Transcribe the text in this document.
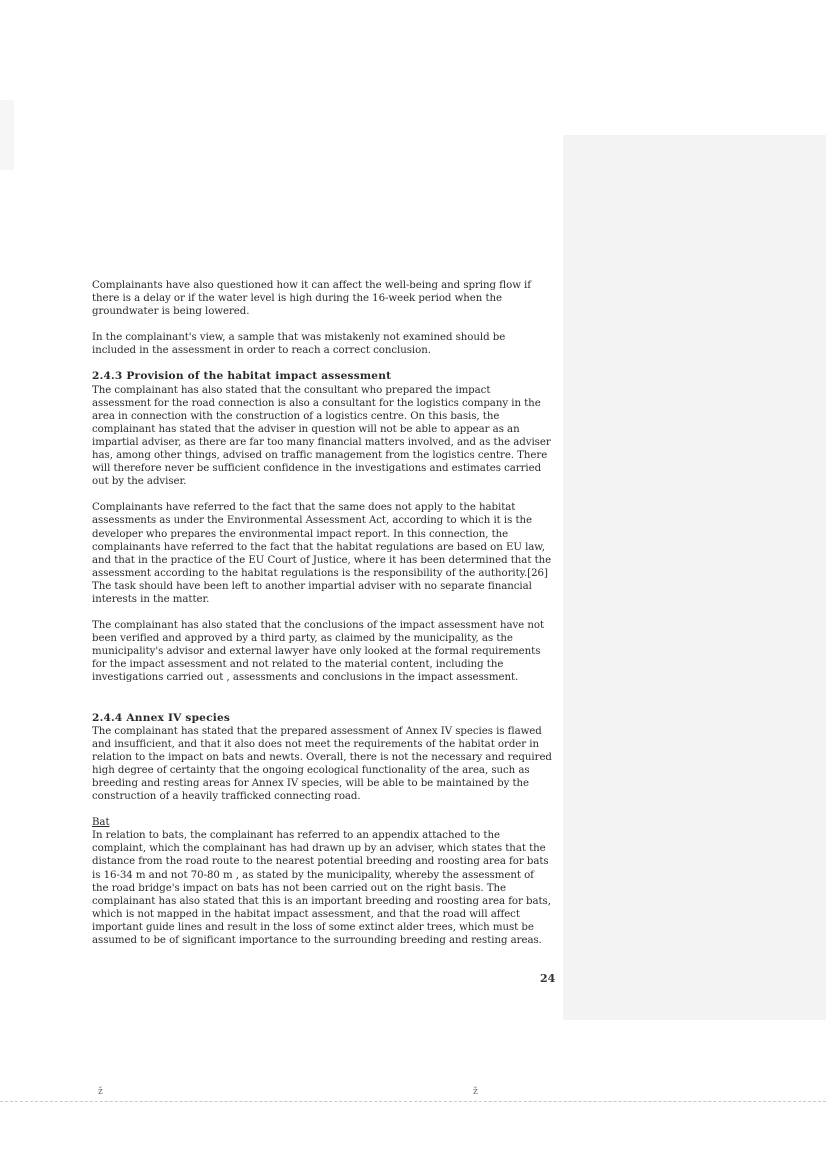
Complainants have also questioned how it can affect the well-being and spring flow if there is a delay or if the water level is high during the 16-week period when the groundwater is being lowered.

In the complainant's view, a sample that was mistakenly not examined should be included in the assessment in order to reach a correct conclusion.

2.4.3 Provision of the habitat impact assessment

The complainant has also stated that the consultant who prepared the impact assessment for the road connection is also a consultant for the logistics company in the area in connection with the construction of a logistics centre. On this basis, the complainant has stated that the adviser in question will not be able to appear as an impartial adviser, as there are far too many financial matters involved, and as the adviser has, among other things, advised on traffic management from the logistics centre. There will therefore never be sufficient confidence in the investigations and estimates carried out by the adviser.

Complainants have referred to the fact that the same does not apply to the habitat assessments as under the Environmental Assessment Act, according to which it is the developer who prepares the environmental impact report. In this connection, the complainants have referred to the fact that the habitat regulations are based on EU law, and that in the practice of the EU Court of Justice, where it has been determined that the assessment according to the habitat regulations is the responsibility of the authority.[26] The task should have been left to another impartial adviser with no separate financial interests in the matter.

The complainant has also stated that the conclusions of the impact assessment have not been verified and approved by a third party, as claimed by the municipality, as the municipality's advisor and external lawyer have only looked at the formal requirements for the impact assessment and not related to the material content, including the investigations carried out , assessments and conclusions in the impact assessment.

2.4.4 Annex IV species

The complainant has stated that the prepared assessment of Annex IV species is flawed and insufficient, and that it also does not meet the requirements of the habitat order in relation to the impact on bats and newts. Overall, there is not the necessary and required high degree of certainty that the ongoing ecological functionality of the area, such as breeding and resting areas for Annex IV species, will be able to be maintained by the construction of a heavily trafficked connecting road.

Bat

In relation to bats, the complainant has referred to an appendix attached to the complaint, which the complainant has had drawn up by an adviser, which states that the distance from the road route to the nearest potential breeding and roosting area for bats is 16-34 m and not 70-80 m , as stated by the municipality, whereby the assessment of the road bridge's impact on bats has not been carried out on the right basis. The complainant has also stated that this is an important breeding and roosting area for bats, which is not mapped in the habitat impact assessment, and that the road will affect important guide lines and result in the loss of some extinct alder trees, which must be assumed to be of significant importance to the surrounding breeding and resting areas.

24
ž	ž
